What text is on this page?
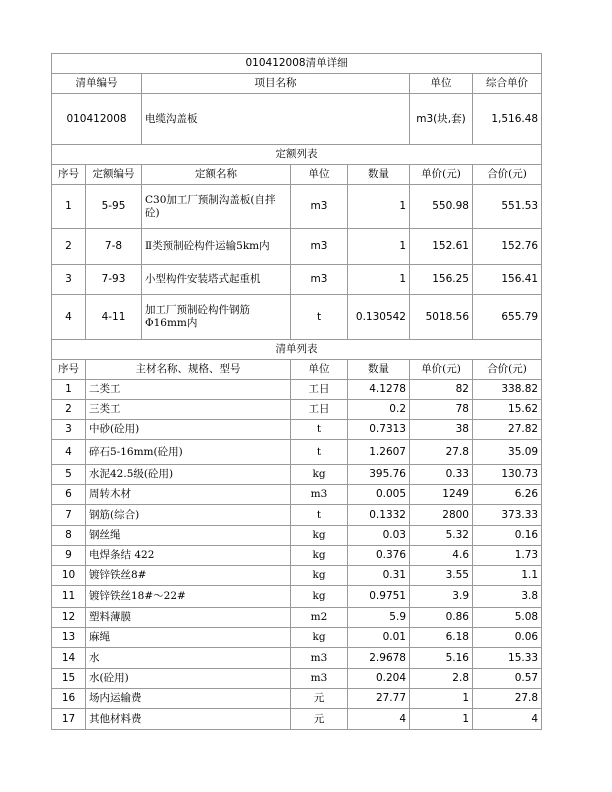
010412008清单详细						
清单编号		项目名称			单位	综合单价
010412008		电缆沟盖板			m3(块,套)	1,516.48
定额列表						
序号	定额编号	定额名称	单位	数量	单价(元)	合价(元)
1	5-95	C30加工厂预制沟盖板(自拌砼)	m3	1	550.98	551.53
2	7-8	Ⅱ类预制砼构件运输5km内	m3	1	152.61	152.76
3	7-93	小型构件安装塔式起重机	m3	1	156.25	156.41
4	4-11	加工厂预制砼构件钢筋Φ16mm内	t	0.130542	5018.56	655.79
清单列表						
序号	主材名称、规格、型号		单位	数量	单价(元)	合价(元)
1	二类工		工日	4.1278	82	338.82
2	三类工		工日	0.2	78	15.62
3	中砂(砼用)		t	0.7313	38	27.82
4	碎石5-16mm(砼用)		t	1.2607	27.8	35.09
5	水泥42.5级(砼用)		kg	395.76	0.33	130.73
6	周转木材		m3	0.005	1249	6.26
7	钢筋(综合)		t	0.1332	2800	373.33
8	钢丝绳		kg	0.03	5.32	0.16
9	电焊条结 422		kg	0.376	4.6	1.73
10	镀锌铁丝8#		kg	0.31	3.55	1.1
11	镀锌铁丝18#～22#		kg	0.9751	3.9	3.8
12	塑料薄膜		m2	5.9	0.86	5.08
13	麻绳		kg	0.01	6.18	0.06
14	水		m3	2.9678	5.16	15.33
15	水(砼用)		m3	0.204	2.8	0.57
16	场内运输费		元	27.77	1	27.8
17	其他材料费		元	4	1	4
